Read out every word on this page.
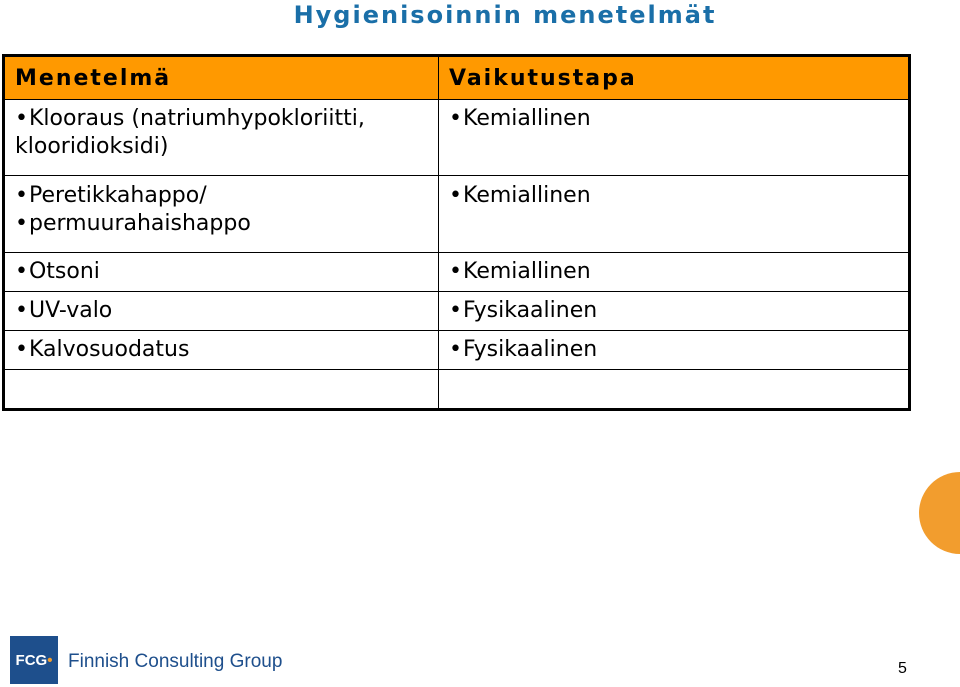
Hygienisoinnin menetelmät
Menetelmä	Vaikutustapa

• Klooraus (natriumhypokloriitti,
klooridioksidi)	• Kemiallinen

• Peretikkahappo/
• permuurahaishappo	• Kemiallinen

• Otsoni	• Kemiallinen

• UV-valo	• Fysikaalinen

• Kalvosuodatus	• Fysikaalinen

FCG • Finnish Consulting Group	5
